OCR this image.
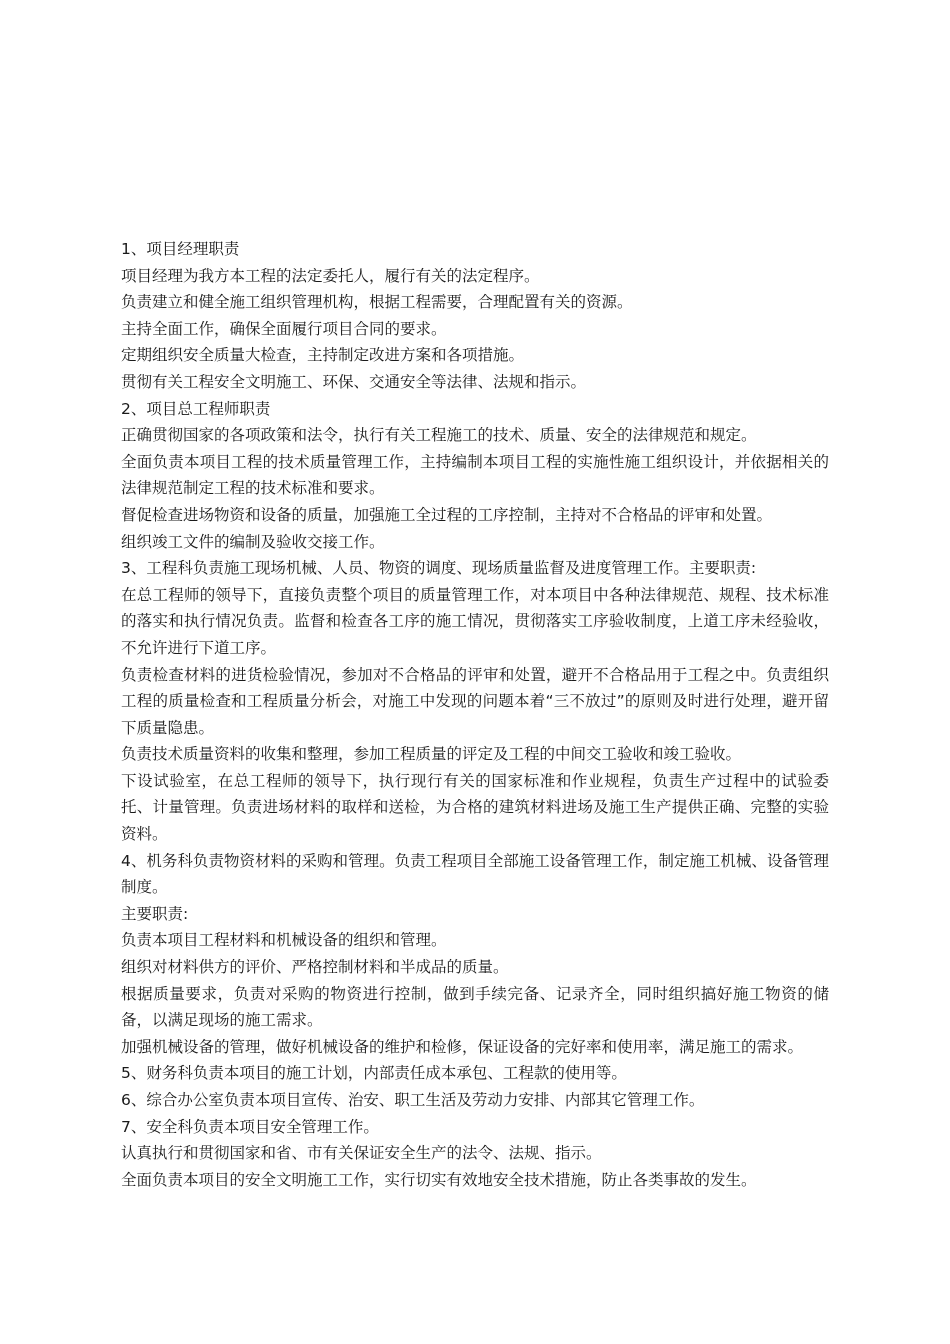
1、项目经理职责

项目经理为我方本工程的法定委托人，履行有关的法定程序。

负责建立和健全施工组织管理机构，根据工程需要，合理配置有关的资源。

主持全面工作，确保全面履行项目合同的要求。

定期组织安全质量大检查，主持制定改进方案和各项措施。

贯彻有关工程安全文明施工、环保、交通安全等法律、法规和指示。

2、项目总工程师职责

正确贯彻国家的各项政策和法令，执行有关工程施工的技术、质量、安全的法律规范和规定。

全面负责本项目工程的技术质量管理工作，主持编制本项目工程的实施性施工组织设计，并依据相关的法律规范制定工程的技术标准和要求。

督促检查进场物资和设备的质量，加强施工全过程的工序控制，主持对不合格品的评审和处置。

组织竣工文件的编制及验收交接工作。

3、工程科负责施工现场机械、人员、物资的调度、现场质量监督及进度管理工作。主要职责:

在总工程师的领导下，直接负责整个项目的质量管理工作，对本项目中各种法律规范、规程、技术标准的落实和执行情况负责。监督和检查各工序的施工情况，贯彻落实工序验收制度，上道工序未经验收，不允许进行下道工序。

负责检查材料的进货检验情况，参加对不合格品的评审和处置，避开不合格品用于工程之中。负责组织工程的质量检查和工程质量分析会，对施工中发现的问题本着“三不放过”的原则及时进行处理，避开留下质量隐患。

负责技术质量资料的收集和整理，参加工程质量的评定及工程的中间交工验收和竣工验收。

下设试验室，在总工程师的领导下，执行现行有关的国家标准和作业规程，负责生产过程中的试验委托、计量管理。负责进场材料的取样和送检，为合格的建筑材料进场及施工生产提供正确、完整的实验资料。

4、机务科负责物资材料的采购和管理。负责工程项目全部施工设备管理工作，制定施工机械、设备管理制度。

主要职责:

负责本项目工程材料和机械设备的组织和管理。

组织对材料供方的评价、严格控制材料和半成品的质量。

根据质量要求，负责对采购的物资进行控制，做到手续完备、记录齐全，同时组织搞好施工物资的储备，以满足现场的施工需求。

加强机械设备的管理，做好机械设备的维护和检修，保证设备的完好率和使用率，满足施工的需求。

5、财务科负责本项目的施工计划，内部责任成本承包、工程款的使用等。

6、综合办公室负责本项目宣传、治安、职工生活及劳动力安排、内部其它管理工作。

7、安全科负责本项目安全管理工作。

认真执行和贯彻国家和省、市有关保证安全生产的法令、法规、指示。

全面负责本项目的安全文明施工工作，实行切实有效地安全技术措施，防止各类事故的发生。
